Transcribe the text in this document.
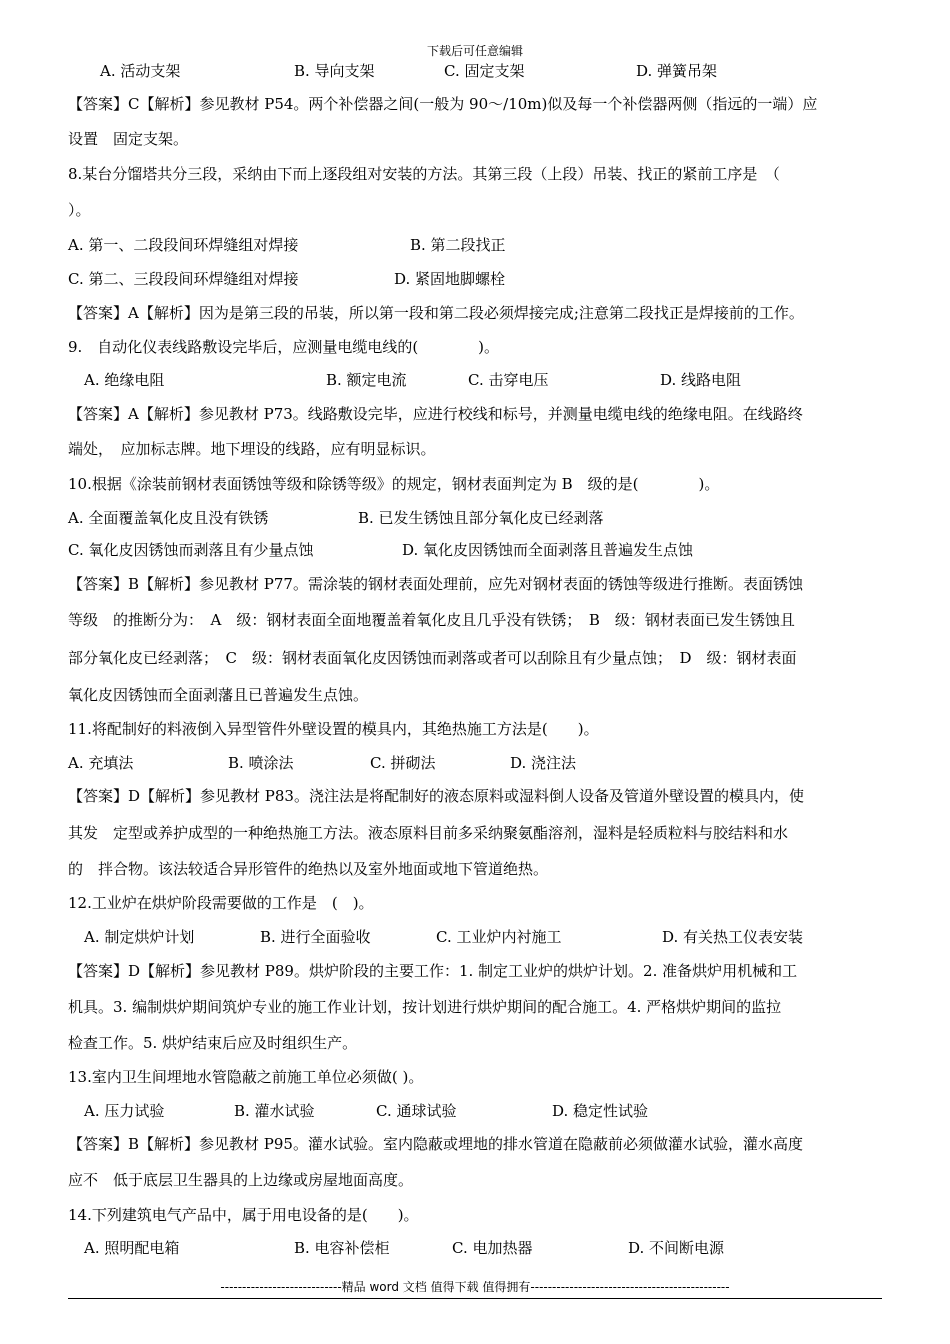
下载后可任意编辑
A. 活动支架	B. 导向支架	C. 固定支架	D. 弹簧吊架
【答案】C【解析】参见教材 P54。两个补偿器之间(一般为 90～/10m)似及每一个补偿器两侧（指远的一端）应
设置　固定支架。
8.某台分馏塔共分三段，采纳由下而上逐段组对安装的方法。其第三段（上段）吊装、找正的紧前工序是　（
）。
A. 第一、二段段间环焊缝组对焊接	B. 第二段找正
C. 第二、三段段间环焊缝组对焊接	D. 紧固地脚螺栓
【答案】A【解析】因为是第三段的吊装，所以第一段和第二段必须焊接完成;注意第二段找正是焊接前的工作。
9.　自动化仪表线路敷设完毕后，应测量电缆电线的(　　　　)。
A. 绝缘电阻	B. 额定电流	C. 击穿电压	D. 线路电阻
【答案】A【解析】参见教材 P73。线路敷设完毕，应进行校线和标号，并测量电缆电线的绝缘电阻。在线路终
端处，　应加标志牌。地下埋设的线路，应有明显标识。
10.根据《涂装前钢材表面锈蚀等级和除锈等级》的规定，钢材表面判定为 B　级的是(　　　　)。
A. 全面覆盖氧化皮且没有铁锈	B. 已发生锈蚀且部分氧化皮已经剥落
C. 氧化皮因锈蚀而剥落且有少量点蚀	D. 氧化皮因锈蚀而全面剥落且普遍发生点蚀
【答案】B【解析】参见教材 P77。需涂装的钢材表面处理前，应先对钢材表面的锈蚀等级进行推断。表面锈蚀
等级　的推断分为：　A　级：钢材表面全面地覆盖着氧化皮且几乎没有铁锈；　B　级：钢材表面已发生锈蚀且
部分氧化皮已经剥落；　C　级：钢材表面氧化皮因锈蚀而剥落或者可以刮除且有少量点蚀；　D　级：钢材表面
氧化皮因锈蚀而全面剥藩且已普遍发生点蚀。
11.将配制好的料液倒入异型管件外壁设置的模具内，其绝热施工方法是(　　)。
A. 充填法	B. 喷涂法	C. 拼砌法	D. 浇注法
【答案】D【解析】参见教材 P83。浇注法是将配制好的液态原料或湿料倒人设备及管道外壁设置的模具内，使
其发　定型或养护成型的一种绝热施工方法。液态原料目前多采纳聚氨酯溶剂，湿料是轻质粒料与胶结料和水
的　拌合物。该法较适合异形管件的绝热以及室外地面或地下管道绝热。
12.工业炉在烘炉阶段需要做的工作是　(　)。
A. 制定烘炉计划	B. 进行全面验收	C. 工业炉内衬施工	D. 有关热工仪表安装
【答案】D【解析】参见教材 P89。烘炉阶段的主要工作：1. 制定工业炉的烘炉计划。2. 准备烘炉用机械和工
机具。3. 编制烘炉期间筑炉专业的施工作业计划，按计划进行烘炉期间的配合施工。4. 严格烘炉期间的监拉
检查工作。5. 烘炉结束后应及时组织生产。
13.室内卫生间埋地水管隐蔽之前施工单位必须做( )。
A. 压力试验	B. 灌水试验	C. 通球试验	D. 稳定性试验
【答案】B【解析】参见教材 P95。灌水试验。室内隐蔽或埋地的排水管道在隐蔽前必须做灌水试验，灌水高度
应不　低于底层卫生器具的上边缘或房屋地面高度。
14.下列建筑电气产品中，属于用电设备的是(　　)。
A. 照明配电箱	B. 电容补偿柜	C. 电加热器	D. 不间断电源
----------------------------精品 word 文档 值得下载 值得拥有----------------------------------------------
